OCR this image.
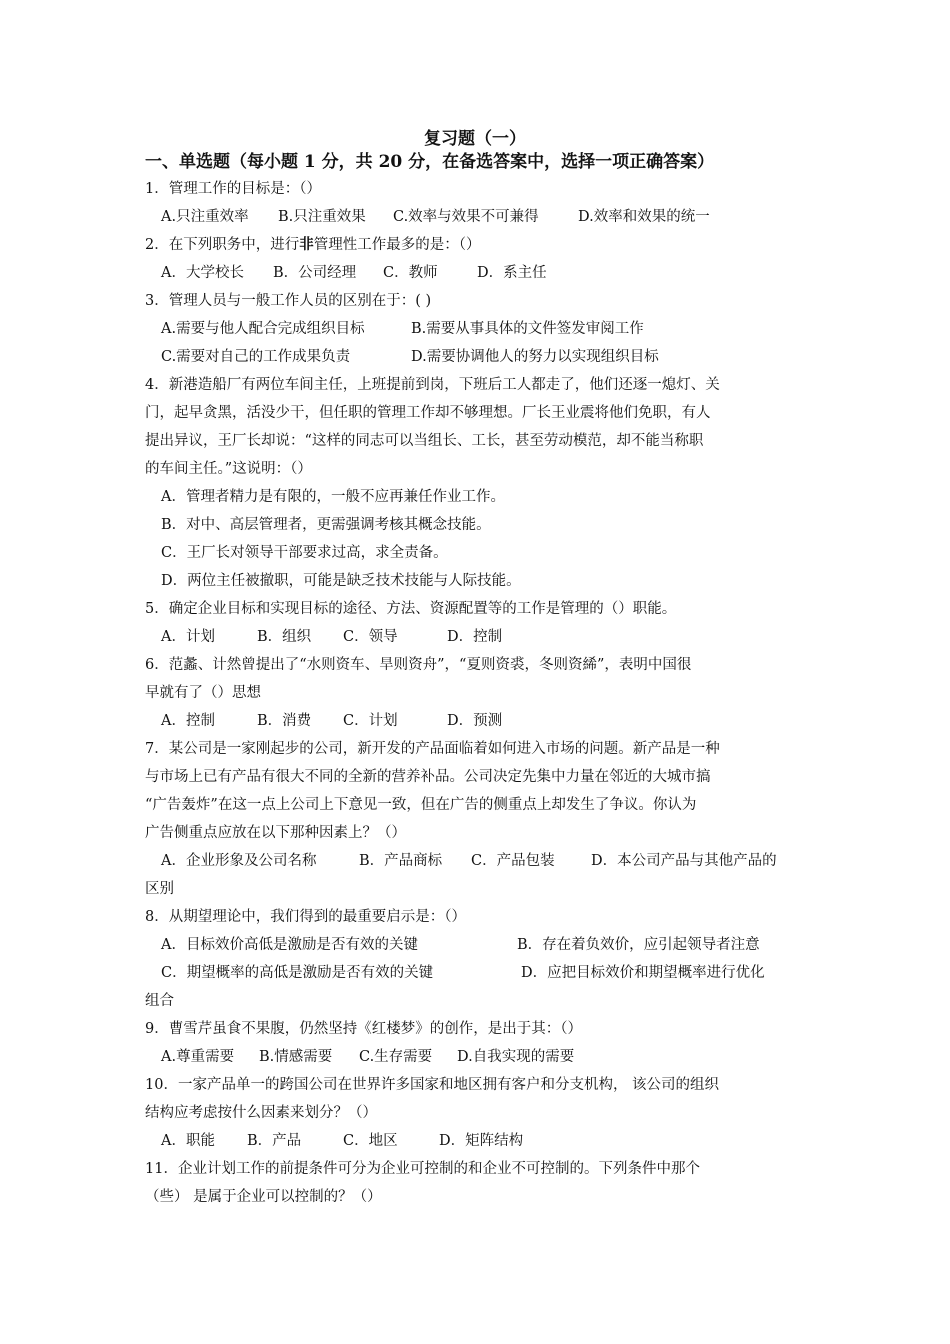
复习题（一）
一、单选题（每小题 1 分，共 20 分，在备选答案中，选择一项正确答案）
1．管理工作的目标是：（）
A.只注重效率	B.只注重效果	C.效率与效果不可兼得	D.效率和效果的统一
2．在下列职务中，进行非管理性工作最多的是：（）
A．大学校长	B．公司经理	C．教师	D．系主任
3．管理人员与一般工作人员的区别在于：( )
A.需要与他人配合完成组织目标	B.需要从事具体的文件签发审阅工作
C.需要对自己的工作成果负责	D.需要协调他人的努力以实现组织目标
4．新港造船厂有两位车间主任，上班提前到岗，下班后工人都走了，他们还逐一熄灯、关
门，起早贪黑，活没少干，但任职的管理工作却不够理想。厂长王业震将他们免职，有人
提出异议，王厂长却说：“这样的同志可以当组长、工长，甚至劳动模范，却不能当称职
的车间主任。”这说明：（）
A．管理者精力是有限的，一般不应再兼任作业工作。
B．对中、高层管理者，更需强调考核其概念技能。
C．王厂长对领导干部要求过高，求全责备。
D．两位主任被撤职，可能是缺乏技术技能与人际技能。
5．确定企业目标和实现目标的途径、方法、资源配置等的工作是管理的（）职能。
A．计划	B．组织	C．领导	D．控制
6．范蠡、计然曾提出了“水则资车、旱则资舟”，“夏则资裘，冬则资絺”，表明中国很
早就有了（）思想
A．控制	B．消费	C．计划	D．预测
7．某公司是一家刚起步的公司，新开发的产品面临着如何进入市场的问题。新产品是一种
与市场上已有产品有很大不同的全新的营养补品。公司决定先集中力量在邻近的大城市搞
“广告轰炸”在这一点上公司上下意见一致，但在广告的侧重点上却发生了争议。你认为
广告侧重点应放在以下那种因素上？（）
A．企业形象及公司名称	B．产品商标	C．产品包装	D．本公司产品与其他产品的
区别
8．从期望理论中，我们得到的最重要启示是：（）
A．目标效价高低是激励是否有效的关键	B．存在着负效价，应引起领导者注意
C．期望概率的高低是激励是否有效的关键	D．应把目标效价和期望概率进行优化
组合
9．曹雪芹虽食不果腹，仍然坚持《红楼梦》的创作，是出于其：（）
A.尊重需要	B.情感需要	C.生存需要	D.自我实现的需要
10．一家产品单一的跨国公司在世界许多国家和地区拥有客户和分支机构， 该公司的组织
结构应考虑按什么因素来划分？（）
A．职能	B．产品	C．地区	D．矩阵结构
11．企业计划工作的前提条件可分为企业可控制的和企业不可控制的。下列条件中那个
（些） 是属于企业可以控制的？（）
